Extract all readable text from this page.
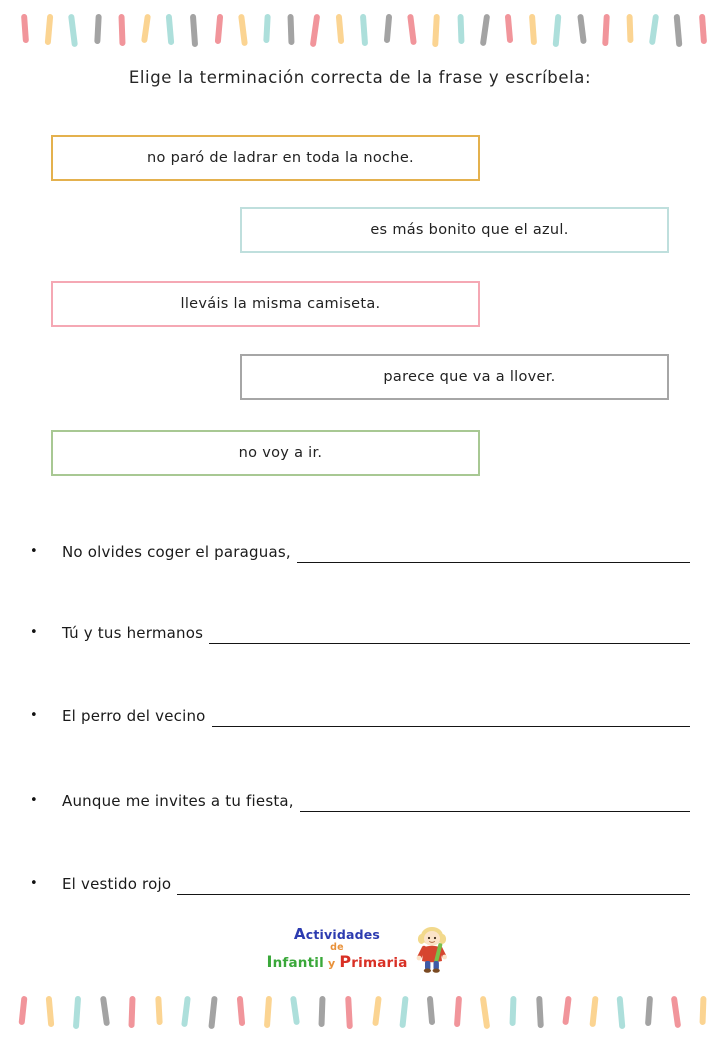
Elige la terminación correcta de la frase y escríbela:
no paró de ladrar en toda la noche.
es más bonito que el azul.
lleváis la misma camiseta.
parece que va a llover.
no voy a ir.
•	No olvides coger el paraguas,
•	Tú y tus hermanos
•	El perro del vecino
•	Aunque me invites a tu fiesta,
•	El vestido rojo
Actividades
de
Infantil y Primaria
